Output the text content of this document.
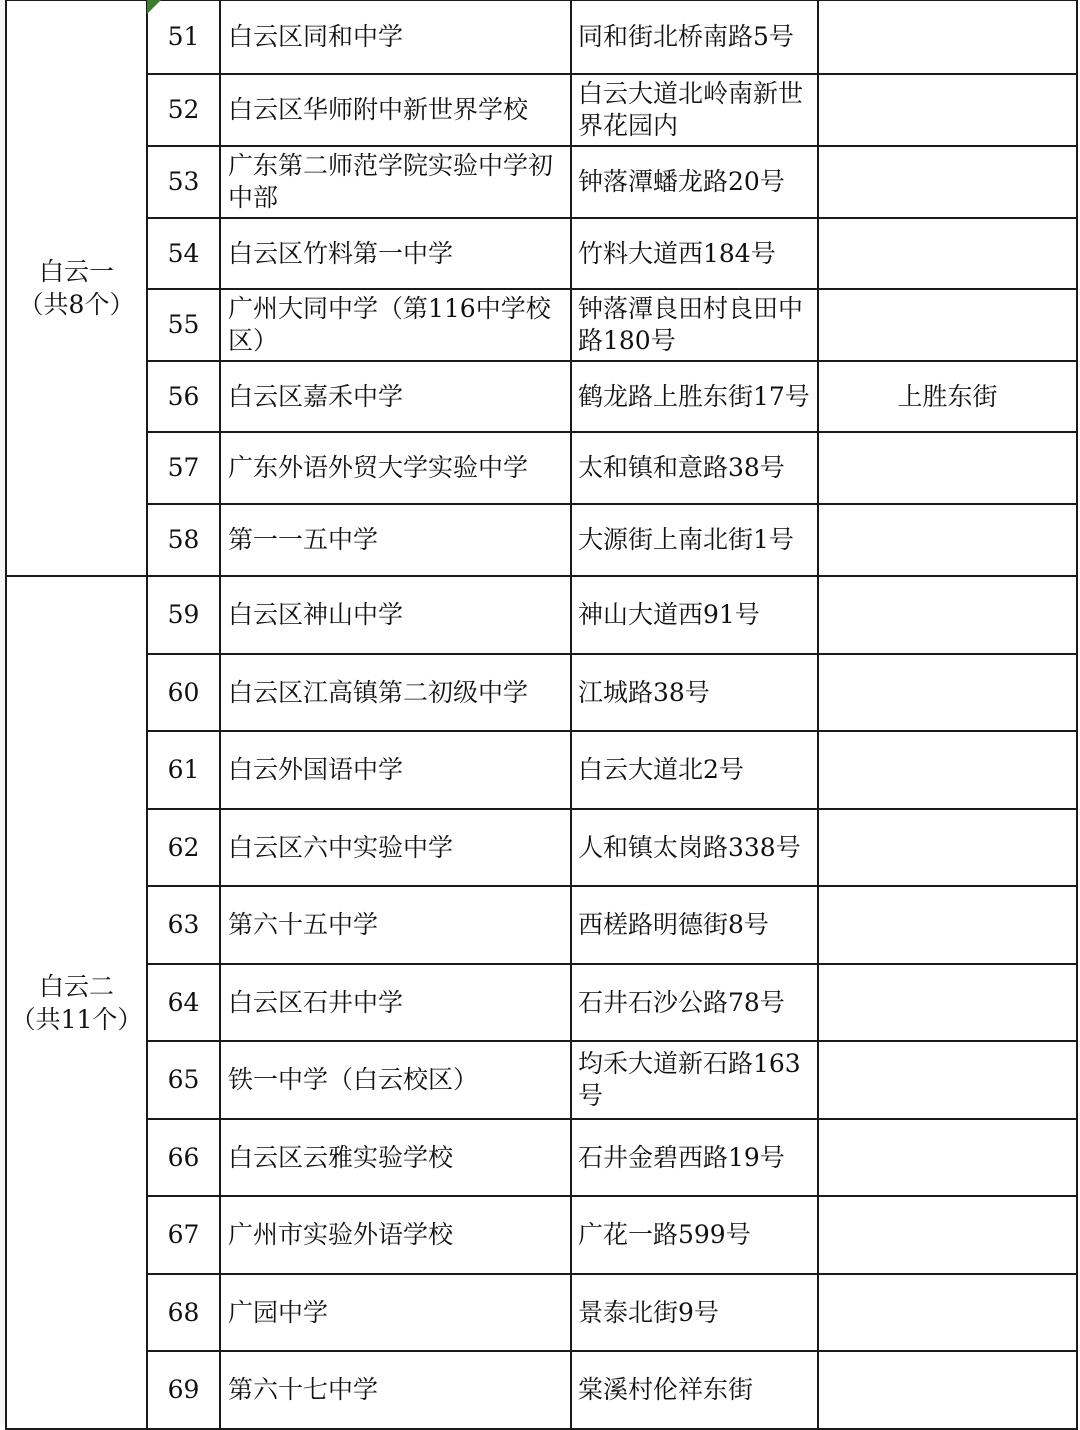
白云一
（共8个）	51	白云区同和中学	同和街北桥南路5号	
	52	白云区华师附中新世界学校	白云大道北岭南新世界花园内	
	53	广东第二师范学院实验中学初中部	钟落潭蟠龙路20号	
	54	白云区竹料第一中学	竹料大道西184号	
	55	广州大同中学（第116中学校区）	钟落潭良田村良田中路180号	
	56	白云区嘉禾中学	鹤龙路上胜东街17号	上胜东街
	57	广东外语外贸大学实验中学	太和镇和意路38号	
	58	第一一五中学	大源街上南北街1号	

白云二
（共11个）	59	白云区神山中学	神山大道西91号	
	60	白云区江高镇第二初级中学	江城路38号	
	61	白云外国语中学	白云大道北2号	
	62	白云区六中实验中学	人和镇太岗路338号	
	63	第六十五中学	西槎路明德街8号	
	64	白云区石井中学	石井石沙公路78号	
	65	铁一中学（白云校区）	均禾大道新石路163号	
	66	白云区云雅实验学校	石井金碧西路19号	
	67	广州市实验外语学校	广花一路599号	
	68	广园中学	景泰北街9号	
	69	第六十七中学	棠溪村伦祥东街	
